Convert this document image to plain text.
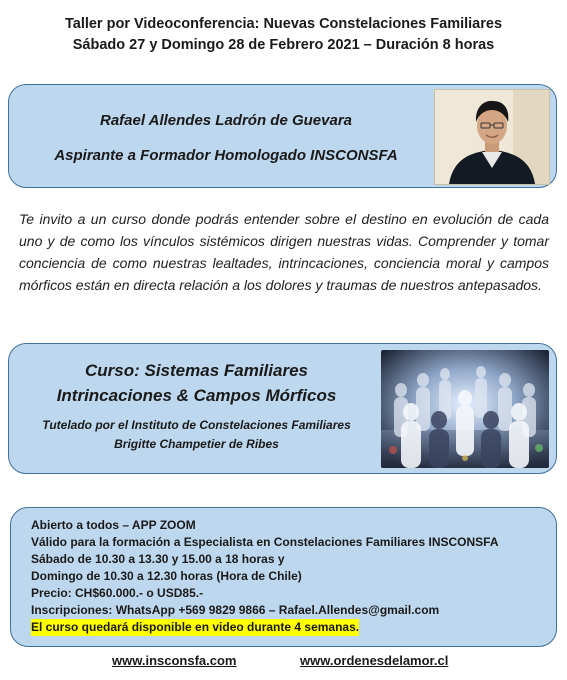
Taller por Videoconferencia: Nuevas Constelaciones Familiares
Sábado 27 y Domingo 28 de Febrero 2021 – Duración 8 horas
Rafael Allendes Ladrón de Guevara
Aspirante a Formador Homologado INSCONSFA
Te invito a un curso donde podrás entender sobre el destino en evolución de cada uno y de como los vínculos sistémicos dirigen nuestras vidas. Comprender y tomar conciencia de como nuestras lealtades, intrincaciones, conciencia moral y campos mórficos están en directa relación a los dolores y traumas de nuestros antepasados.
Curso: Sistemas Familiares
Intrincaciones & Campos Mórficos
Tutelado por el Instituto de Constelaciones Familiares
Brigitte Champetier de Ribes
Abierto a todos – APP ZOOM
Válido para la formación a Especialista en Constelaciones Familiares INSCONSFA
Sábado de 10.30 a 13.30 y 15.00 a 18 horas y
Domingo de 10.30 a 12.30 horas (Hora de Chile)
Precio: CH$60.000.- o USD85.-
Inscripciones: WhatsApp +569 9829 9866 – Rafael.Allendes@gmail.com
El curso quedará disponible en video durante 4 semanas.
www.insconsfa.com	www.ordenesdelamor.cl
